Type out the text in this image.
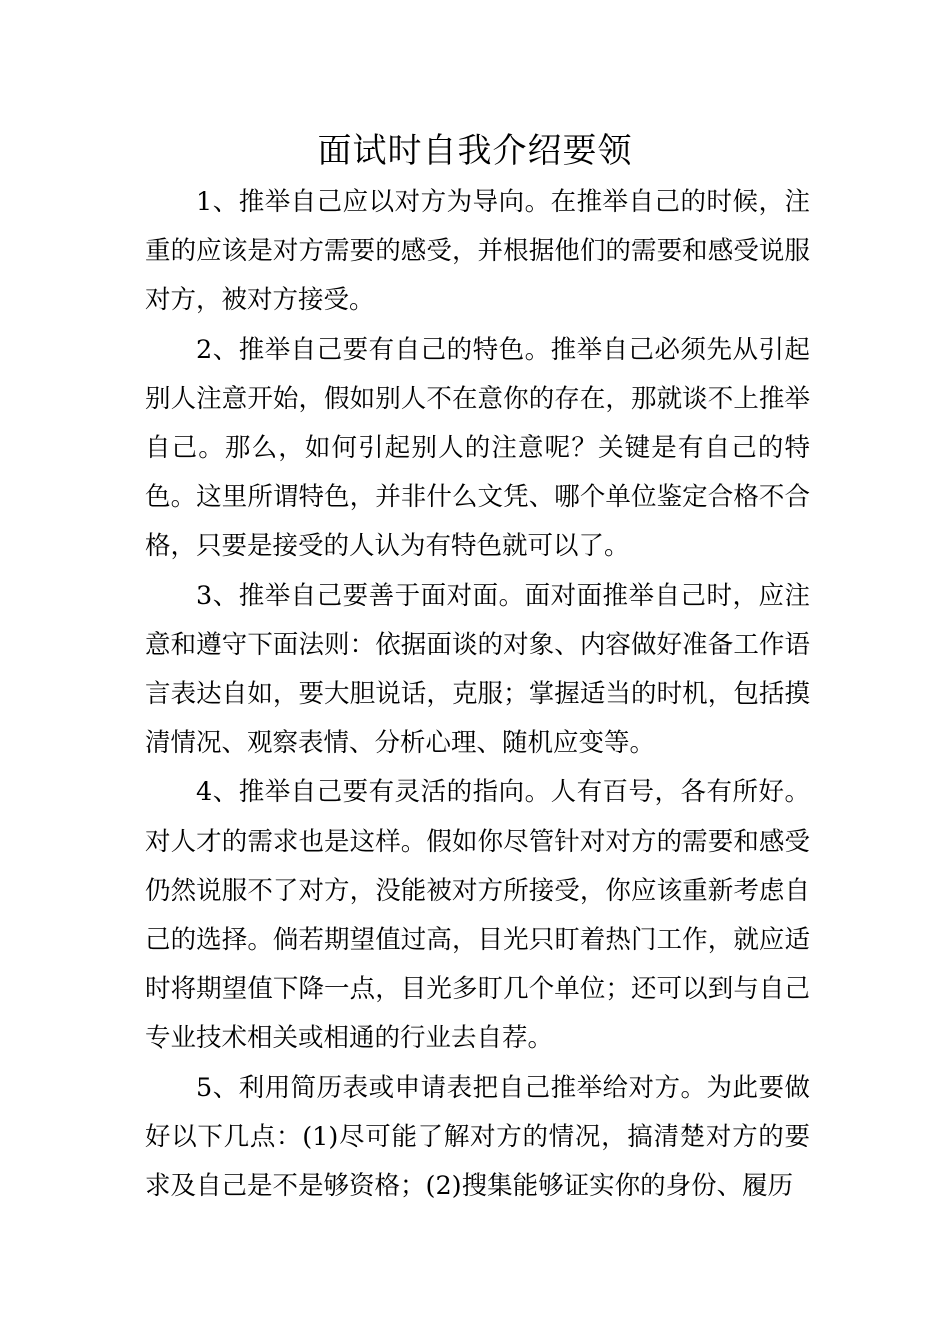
面试时自我介绍要领

1、推举自己应以对方为导向。在推举自己的时候，注重的应该是对方需要的感受，并根据他们的需要和感受说服对方，被对方接受。

2、推举自己要有自己的特色。推举自己必须先从引起别人注意开始，假如别人不在意你的存在，那就谈不上推举自己。那么，如何引起别人的注意呢？关键是有自己的特色。这里所谓特色，并非什么文凭、哪个单位鉴定合格不合格，只要是接受的人认为有特色就可以了。

3、推举自己要善于面对面。面对面推举自己时，应注意和遵守下面法则：依据面谈的对象、内容做好准备工作语言表达自如，要大胆说话，克服；掌握适当的时机，包括摸清情况、观察表情、分析心理、随机应变等。

4、推举自己要有灵活的指向。人有百号，各有所好。对人才的需求也是这样。假如你尽管针对对方的需要和感受仍然说服不了对方，没能被对方所接受，你应该重新考虑自己的选择。倘若期望值过高，目光只盯着热门工作，就应适时将期望值下降一点，目光多盯几个单位；还可以到与自己专业技术相关或相通的行业去自荐。

5、利用简历表或申请表把自己推举给对方。为此要做好以下几点：(1)尽可能了解对方的情况，搞清楚对方的要求及自己是不是够资格；(2)搜集能够证实你的身份、履历
